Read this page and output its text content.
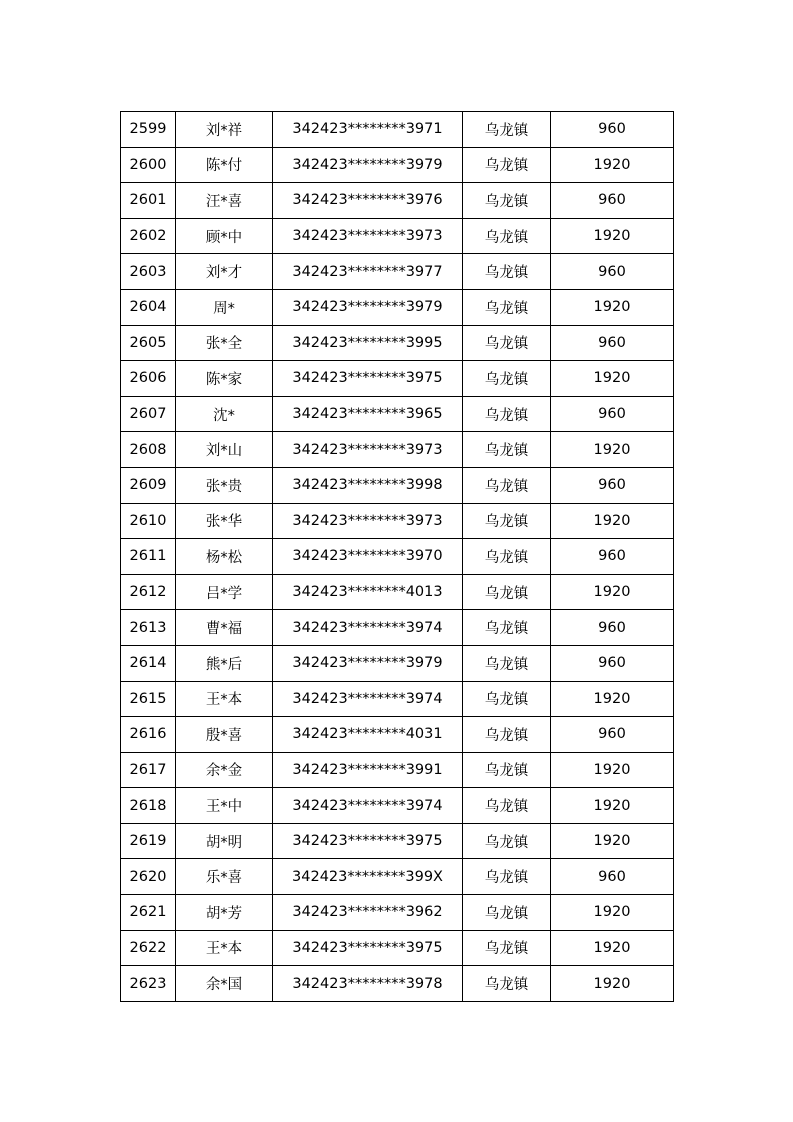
2599	刘*祥	342423********3971	乌龙镇	960
2600	陈*付	342423********3979	乌龙镇	1920
2601	汪*喜	342423********3976	乌龙镇	960
2602	顾*中	342423********3973	乌龙镇	1920
2603	刘*才	342423********3977	乌龙镇	960
2604	周*	342423********3979	乌龙镇	1920
2605	张*全	342423********3995	乌龙镇	960
2606	陈*家	342423********3975	乌龙镇	1920
2607	沈*	342423********3965	乌龙镇	960
2608	刘*山	342423********3973	乌龙镇	1920
2609	张*贵	342423********3998	乌龙镇	960
2610	张*华	342423********3973	乌龙镇	1920
2611	杨*松	342423********3970	乌龙镇	960
2612	吕*学	342423********4013	乌龙镇	1920
2613	曹*福	342423********3974	乌龙镇	960
2614	熊*后	342423********3979	乌龙镇	960
2615	王*本	342423********3974	乌龙镇	1920
2616	殷*喜	342423********4031	乌龙镇	960
2617	余*金	342423********3991	乌龙镇	1920
2618	王*中	342423********3974	乌龙镇	1920
2619	胡*明	342423********3975	乌龙镇	1920
2620	乐*喜	342423********399X	乌龙镇	960
2621	胡*芳	342423********3962	乌龙镇	1920
2622	王*本	342423********3975	乌龙镇	1920
2623	余*国	342423********3978	乌龙镇	1920
